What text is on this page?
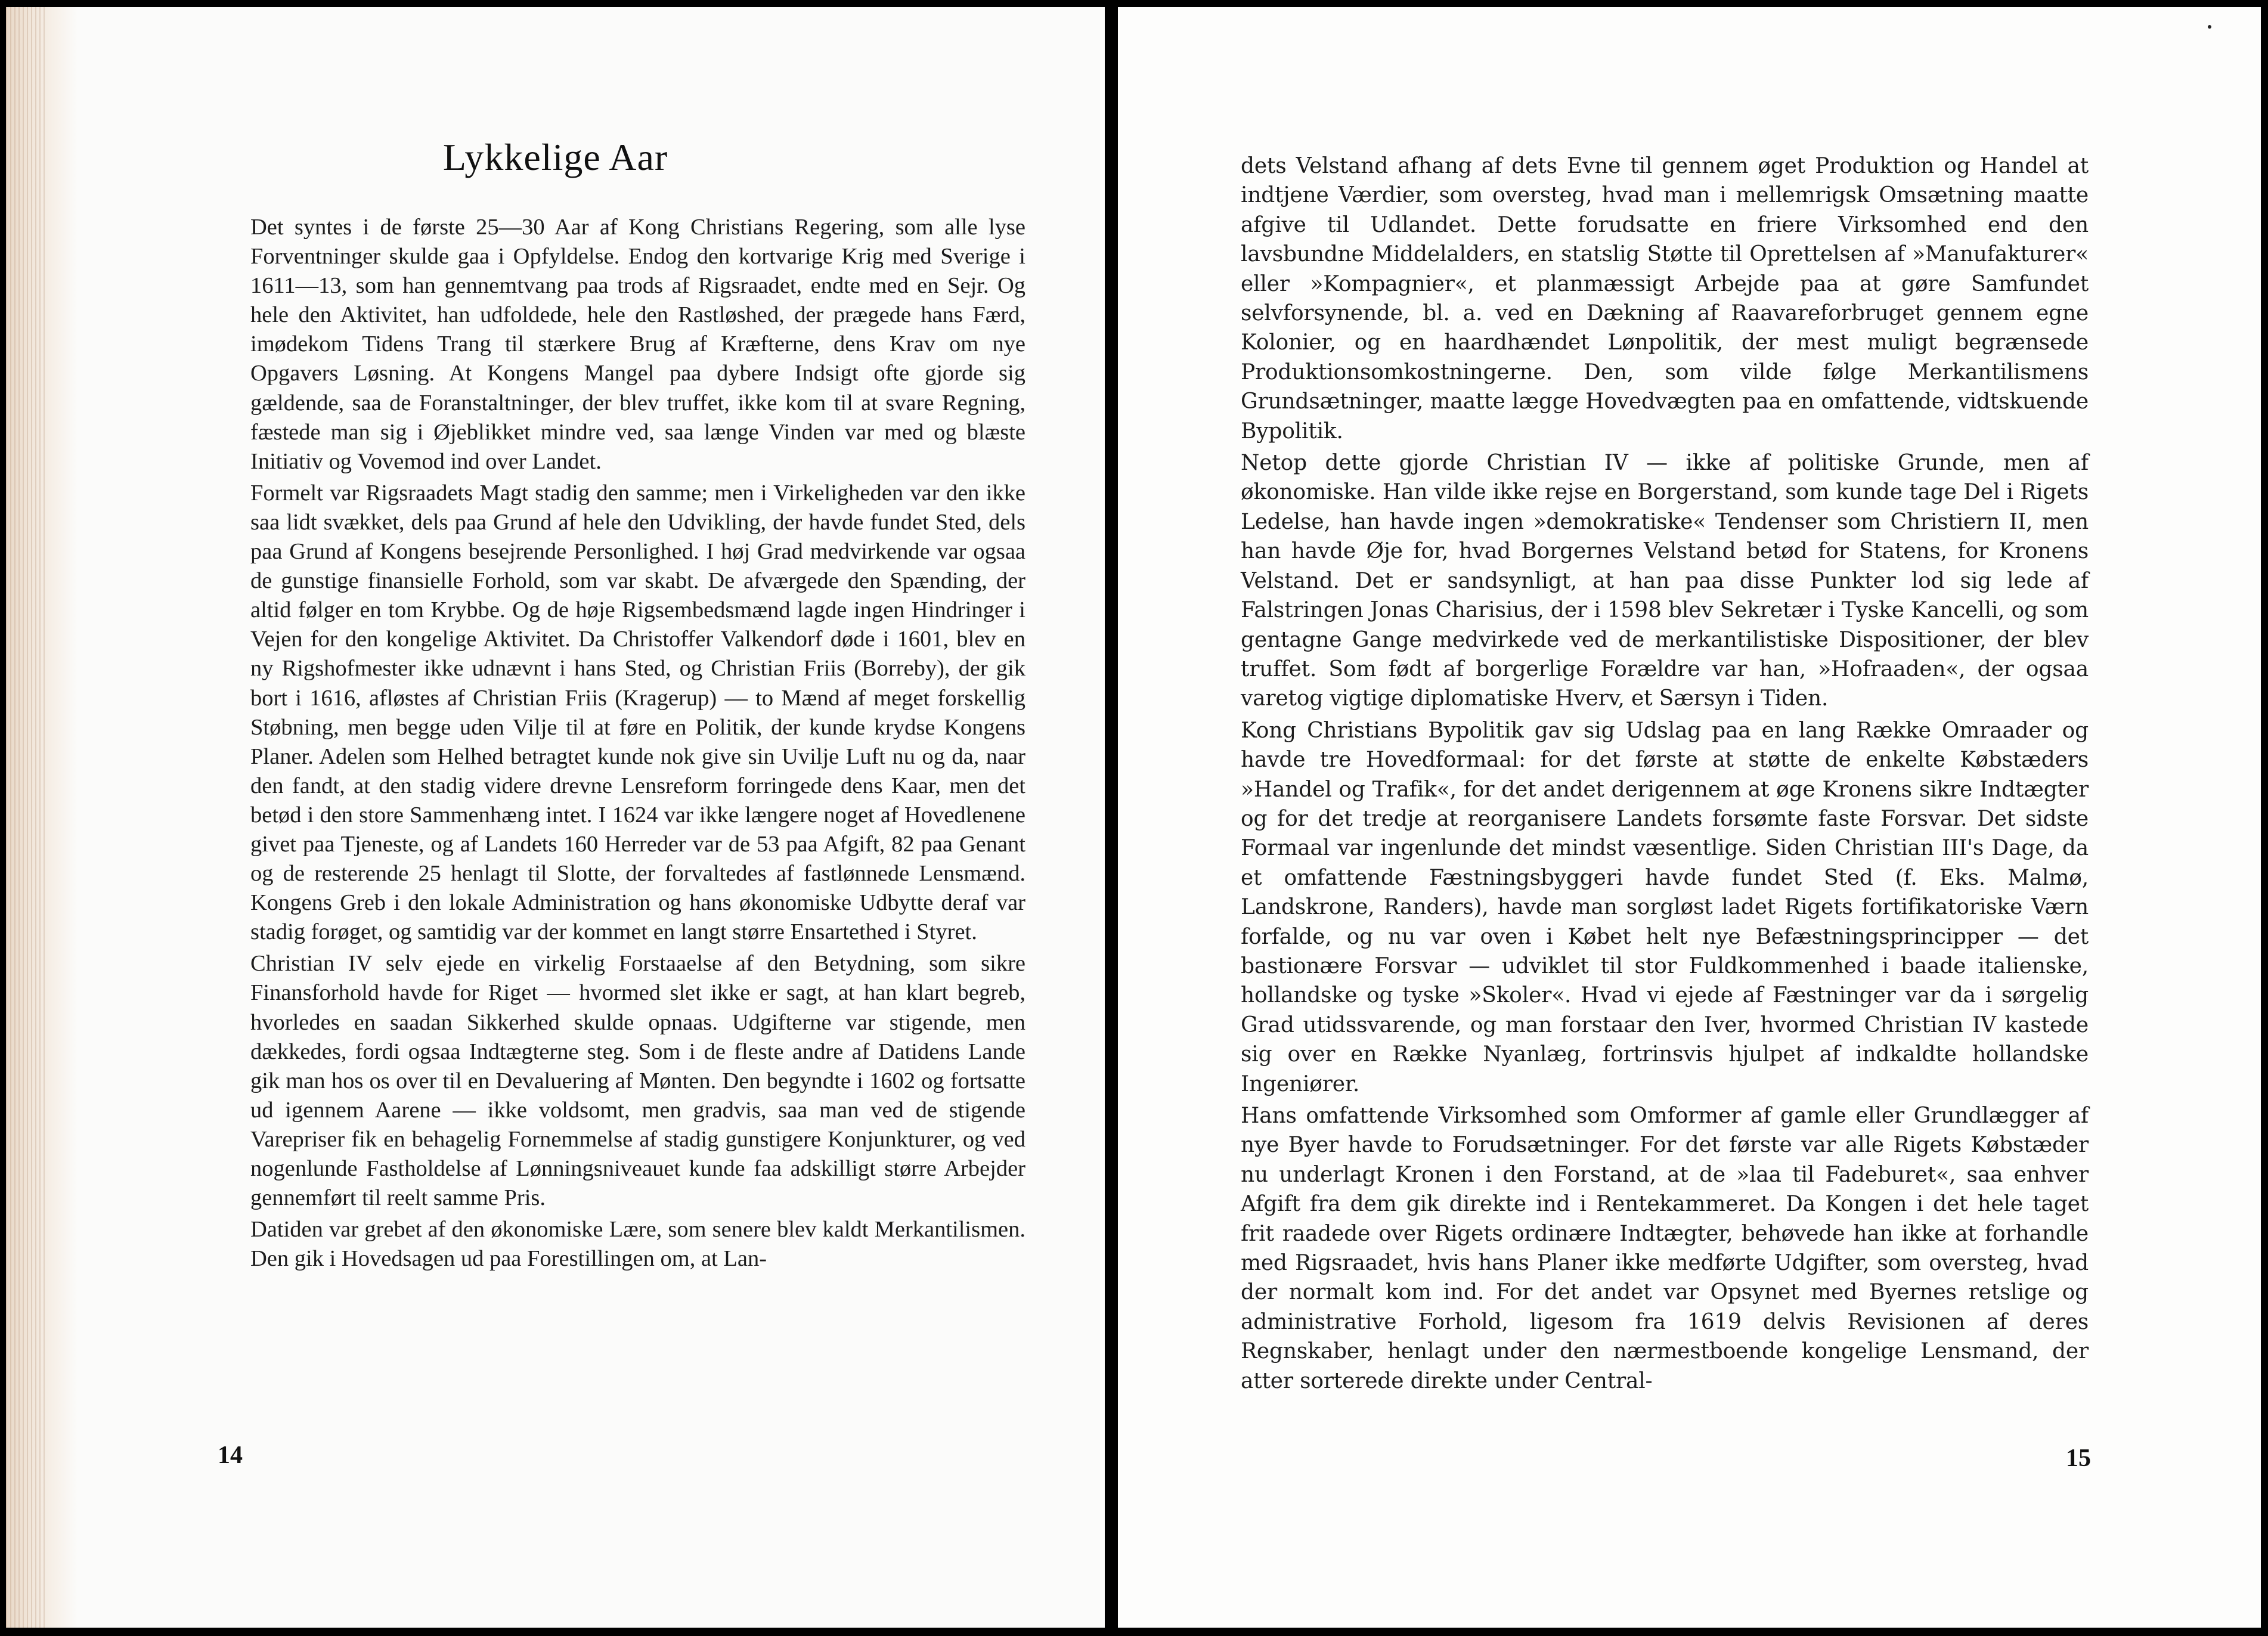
Lykkelige Aar

Det syntes i de første 25—30 Aar af Kong Christians Regering, som alle lyse Forventninger skulde gaa i Opfyldelse. Endog den kortvarige Krig med Sverige i 1611—13, som han gennemtvang paa trods af Rigsraadet, endte med en Sejr. Og hele den Aktivitet, han udfoldede, hele den Rastløshed, der prægede hans Færd, imødekom Tidens Trang til stærkere Brug af Kræfterne, dens Krav om nye Opgavers Løsning. At Kongens Mangel paa dybere Indsigt ofte gjorde sig gældende, saa de Foranstaltninger, der blev truffet, ikke kom til at svare Regning, fæstede man sig i Øjeblikket mindre ved, saa længe Vinden var med og blæste Initiativ og Vovemod ind over Landet.

Formelt var Rigsraadets Magt stadig den samme; men i Virkeligheden var den ikke saa lidt svækket, dels paa Grund af hele den Udvikling, der havde fundet Sted, dels paa Grund af Kongens besejrende Personlighed. I høj Grad medvirkende var ogsaa de gunstige finansielle Forhold, som var skabt. De afværgede den Spænding, der altid følger en tom Krybbe. Og de høje Rigsembedsmænd lagde ingen Hindringer i Vejen for den kongelige Aktivitet. Da Christoffer Valkendorf døde i 1601, blev en ny Rigshofmester ikke udnævnt i hans Sted, og Christian Friis (Borreby), der gik bort i 1616, afløstes af Christian Friis (Kragerup) — to Mænd af meget forskellig Støbning, men begge uden Vilje til at føre en Politik, der kunde krydse Kongens Planer. Adelen som Helhed betragtet kunde nok give sin Uvilje Luft nu og da, naar den fandt, at den stadig videre drevne Lensreform forringede dens Kaar, men det betød i den store Sammenhæng intet. I 1624 var ikke længere noget af Hovedlenene givet paa Tjeneste, og af Landets 160 Herreder var de 53 paa Afgift, 82 paa Genant og de resterende 25 henlagt til Slotte, der forvaltedes af fastlønnede Lensmænd. Kongens Greb i den lokale Administration og hans økonomiske Udbytte deraf var stadig forøget, og samtidig var der kommet en langt større Ensartethed i Styret.

Christian IV selv ejede en virkelig Forstaaelse af den Betydning, som sikre Finansforhold havde for Riget — hvormed slet ikke er sagt, at han klart begreb, hvorledes en saadan Sikkerhed skulde opnaas. Udgifterne var stigende, men dækkedes, fordi ogsaa Indtægterne steg. Som i de fleste andre af Datidens Lande gik man hos os over til en Devaluering af Mønten. Den begyndte i 1602 og fortsatte ud igennem Aarene — ikke voldsomt, men gradvis, saa man ved de stigende Varepriser fik en behagelig Fornemmelse af stadig gunstigere Konjunkturer, og ved nogenlunde Fastholdelse af Lønningsniveauet kunde faa adskilligt større Arbejder gennemført til reelt samme Pris.

Datiden var grebet af den økonomiske Lære, som senere blev kaldt Merkantilismen. Den gik i Hovedsagen ud paa Forestillingen om, at Lan-

14

dets Velstand afhang af dets Evne til gennem øget Produktion og Handel at indtjene Værdier, som oversteg, hvad man i mellemrigsk Omsætning maatte afgive til Udlandet. Dette forudsatte en friere Virksomhed end den lavsbundne Middelalders, en statslig Støtte til Oprettelsen af »Manufakturer« eller »Kompagnier«, et planmæssigt Arbejde paa at gøre Samfundet selvforsynende, bl. a. ved en Dækning af Raavareforbruget gennem egne Kolonier, og en haardhændet Lønpolitik, der mest muligt begrænsede Produktionsomkostningerne. Den, som vilde følge Merkantilismens Grundsætninger, maatte lægge Hovedvægten paa en omfattende, vidtskuende Bypolitik.

Netop dette gjorde Christian IV — ikke af politiske Grunde, men af økonomiske. Han vilde ikke rejse en Borgerstand, som kunde tage Del i Rigets Ledelse, han havde ingen »demokratiske« Tendenser som Christiern II, men han havde Øje for, hvad Borgernes Velstand betød for Statens, for Kronens Velstand. Det er sandsynligt, at han paa disse Punkter lod sig lede af Falstringen Jonas Charisius, der i 1598 blev Sekretær i Tyske Kancelli, og som gentagne Gange medvirkede ved de merkantilistiske Dispositioner, der blev truffet. Som født af borgerlige Forældre var han, »Hofraaden«, der ogsaa varetog vigtige diplomatiske Hverv, et Særsyn i Tiden.

Kong Christians Bypolitik gav sig Udslag paa en lang Række Omraader og havde tre Hovedformaal: for det første at støtte de enkelte Købstæders »Handel og Trafik«, for det andet derigennem at øge Kronens sikre Indtægter og for det tredje at reorganisere Landets forsømte faste Forsvar. Det sidste Formaal var ingenlunde det mindst væsentlige. Siden Christian III's Dage, da et omfattende Fæstningsbyggeri havde fundet Sted (f. Eks. Malmø, Landskrone, Randers), havde man sorgløst ladet Rigets fortifikatoriske Værn forfalde, og nu var oven i Købet helt nye Befæstningsprincipper — det bastionære Forsvar — udviklet til stor Fuldkommenhed i baade italienske, hollandske og tyske »Skoler«. Hvad vi ejede af Fæstninger var da i sørgelig Grad utidssvarende, og man forstaar den Iver, hvormed Christian IV kastede sig over en Række Nyanlæg, fortrinsvis hjulpet af indkaldte hollandske Ingeniører.

Hans omfattende Virksomhed som Omformer af gamle eller Grundlægger af nye Byer havde to Forudsætninger. For det første var alle Rigets Købstæder nu underlagt Kronen i den Forstand, at de »laa til Fadeburet«, saa enhver Afgift fra dem gik direkte ind i Rentekammeret. Da Kongen i det hele taget frit raadede over Rigets ordinære Indtægter, behøvede han ikke at forhandle med Rigsraadet, hvis hans Planer ikke medførte Udgifter, som oversteg, hvad der normalt kom ind. For det andet var Opsynet med Byernes retslige og administrative Forhold, ligesom fra 1619 delvis Revisionen af deres Regnskaber, henlagt under den nærmestboende kongelige Lensmand, der atter sorterede direkte under Central-

15
